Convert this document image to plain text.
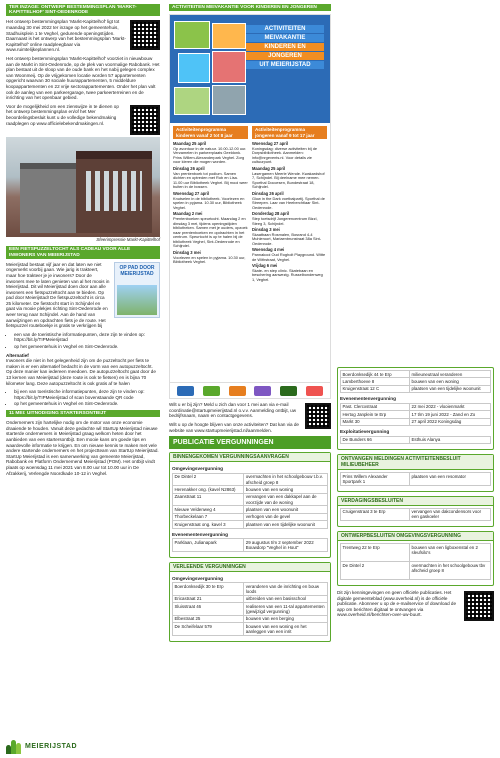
TER INZAGE: ONTWERP BESTEMMINGSPLAN 'MARKT-KAPITTELHOF' SINT-OEDENRODE

Het ontwerp bestemmingsplan 'Markt-Kapittelhof' ligt tot maandag 30 mei 2022 ter inzage op het gemeentehuis, Stadhuisplein 1 te Veghel, gedurende openingstijden. Daarnaast is het ontwerp van het bestemmingsplan 'Markt-Kapittelhof' online raadpleegbaar via www.ruimtelijkeplannen.nl.

Het ontwerp bestemmingsplan 'Markt-Kapittelhof' voorziet in nieuwbouw aan de Markt in Sint-Oedenrode, op de plek van voormalige Rabobank. Het plan bestaat uit de sloop van de oude bank en het nabij gelegen complex van Woonmeij. Op de vrijgekomen locatie worden 57 appartementen opgericht waarvan 30 sociale huurappartementen, 5 middeldure koopappartementen en 22 vrije sectorappartementen. Onder het plan valt ook de aanleg van een parkeergarage, twee parkeerterreinen en de inrichting van het openbaar gebied.

Voor de mogelijkheid om een zienswijze in te dienen op het ontwerp bestemmingsplan en/of het Mer beoordelingsbesluit kunt u de volledige bekendmaking raadplegen op www.officielebekendmakingen.nl.

Sfeerimpressie Markt-Kapittelhof
EEN FIETSPUZZELTOCHT ALS CADEAU VOOR ALLE INWONERS VAN MEIERIJSTAD
OP PAD DOOR MEIERIJSTAD

Meierijstad bestaat vijf jaar en dat laten we niet ongemerkt voorbij gaan. Wie jarig is trakteert, maar hoe trakteer je je inwoners? Door de inwoners mee te laten genieten van al het moois in Meierijstad. Dit wil Meierijstad doen door aan alle inwoners een fietspuzzeltocht aan te bieden. Op pad door Meierijstad! De fietspuzzeltocht is circa 25 kilometer. De fietstocht start in Schijndel en gaat via mooie plekjes richting Sint-Oedenrode en weer terug naar Schijndel. Aan de hand van aanwijzingen en opdrachten fiets je de route. Het fietspuzzel routeboekje is gratis te verkrijgen bij

• een van de toeristische informatiepunten, deze zijn te vinden op: https://bit.ly/TIPMeierijstad
• op het gemeentehuis in Veghel en Sint-Oedenrode.
Alternatief

Inwoners die niet in het gelegenheid zijn om de puzzeltocht per fiets te maken is er een alternatief bedacht in de vorm van een autopuzzeltocht. Op deze manier kan iedereen meedoen. De autopuzzeltocht gaat door de 13 kernen van Meierijstad (deze route is ook te fietsen) en is bijna 70 kilometer lang. Deze autopuzzeltocht is ook gratis af te halen

• bij een van toeristische informatiepunten, deze zijn te vinden op: https://bit.ly/TIPMeierijstad of scan bovenstaande QR code
• op het gemeentehuis in Veghel en Sint-Oedenrode.
11 MEI: UITNODIGING STARTERSONTBIJT

Ondernemers zijn hartelijke nodig om de motor van onze economie draaiende te houden. Vanuit deze gedachte wil StartUp Meierijstad nieuwe starterde ondernemers in Meierijstad graag welkom heten door het aanbieden van een startersontbijt. Een mooie kans om goede tips en waardevolle informatie te krijgen. En om nieuwe kennis te maken met vele andere startende ondernemers en het projectteam van StartUp Meierijstad. StartUp Meierijstad is een samenwerking van gemeente Meierijstad, Rabobank en Platform Ondernemend Meierijstad (POM). Het ontbijt vindt plaats op woensdag 11 mei 2021 van 8.00 uur tot 10.00 uur in De Afzakkerij, Verlengde Noordkade 10-12 in Veghel.

MEIERIJSTAD
ACTIVITEITEN MEIVAKANTIE VOOR KINDEREN EN JONGEREN
ACTIVITEITEN
MEIVAKANTIE
KINDEREN EN
JONGEREN
UIT MEIERIJSTAD
Activiteitenprogramma kinderen vanaf 2 tot 8 jaar
Activiteitenprogramma jongeren vanaf 9 tot 17 jaar
Maandag 25 april
Op avontuur in de natuur. 10.00-12.00 uur. Verzamelen in parkeerplaats Geeldonk. Prins Willem-Alexanderpark Veghel. Zorg voor kleren die mogen worden.
Dinsdag 26 april
Van prentenboek tot podium. Samen dichten en optreden met Rob en Lisa. 11.00 uur Bibliotheek Veghel. Bij mooi weer buiten in de bossen.
Woensdag 27 april
Knutselen in de bibliotheek. Voorlezen en spelen in pyjama. 10.30 uur, Bibliotheek Veghel.
Maandag 2 mei
Prentenboeken speurtocht. Maandag 2 en dinsdag 3 mei, tijdens openingstijden bibliotheken. Samen met je ouders, opzoek naar prentenboeken en opdrachten in het centrum. Speurtocht is op te halen bij de bibliotheek Veghel, Sint-Oedenrode en Schijndel.
Dinsdag 3 mei
Voorlezen en spelen in pyjama. 10.30 uur, Bibliotheek Veghel.
Woensdag 27 april
Koningsdag: diverse activiteiten bij de Dorpsbibliotheek. Aanmelden: info@nrgevents.nl. Voor details zie cultuurpunt.
Maandag 25 april
Lasergamen Meerle Wende. Kwakardshof 7, Schijndel. Bij deelname mee nemen. Sporthal Doccesen, Bundestraat 18, Schijndel.
Dinsdag 26 april
Glow in the Dark voetbalpartij. Sporthal de Streepen. Laar van Heeberchtlaar Sint-Oedenrode.
Donderdag 28 april
Step toetsdrijf Jongerencentrum Bizzl, Steeg 3, Schijndel.
Dinsdag 3 mei
Skaatbaan Rosmalen, Bosrand 4-4 Muhleroort, Mariaenbrunstraat 38a Sint-Oedenrode.
Woensdag 4 mei
Pannakooi Oud Rogholt Playground. Witte de Withstraat, Veghel.
Vrijdag 6 mei
Skate- en step clinic. Skatebaan en beschering aanwezig. Russelbondenweg 1, Veghel.

Wilt u er bij zijn? Meld u zich dan voor 1 mei aan via e-mail coordinatie@startupmeierijstad.nl o.v.v. Aanmelding ontbijt, uw bedrijfsnaam, naam en contactgegevens.

Wilt u op de hoogte blijven van onze activiteiten? Dat kan via de website van www.startupmeierijstad.nl/aanmelden.

PUBLICATIE VERGUNNINGEN
BINNENGEKOMEN VERGUNNINGSAANVRAGEN
Omgevingsvergunning
De Dintel 2	overmachten in het schoolgebouw t.b.v. afscheid groep 8
Herenakker ong. (kavel N2863)	bouwen van een woning
Zaanstraat 11	vervangen van een dakkapel aan de voorzijde van de woning
Nieuwe Veldenweg 4	plaatsen van een woonunit
Thorbeckelaan 7	verhogen van de gevel
Kruigenstraat ong. kavel 3	plaatsen van een tijdelijke woonunit
Evenementenvergunning
Parklaan, Julianapark	29 augustus t/m 2 september 2022 Bouwdorp "Veghel in Hout"
VERLEENDE VERGUNNINGEN
Omgevingsvergunning
Boerdonksedijk 30 te Erp	veranderen van de inrichting en bouw loods
Ericastraat 21	uitbreiden van een basisschool
Sluisstraat 46	realiseren van een 11-tal appartementen (gewijzigd vergunning)
Elbestraat 25	bouwen van een berging
De Scheifelaar 579	bouwen van een woning en het aanleggen van een inrit
Boerdonksedijk 44 te Erp	milieuneutraal veranderen
Lamberthoeve 8	bouwen van een woning
Kruigenstraat 12 C	plaatsen van een tijdelijke woonunit
Evenementenvergunning
Past. Clercxstraat	22 mei 2022 - vlooienmarkt
Hertog Janplein te Erp	17 t/m 19 juni 2022 - Zand en Zo
Markt 30	27 april 2022 Koningsdag
Exploitatievergunning
De Bunders 66	Esthuis Alanya
ONTVANGEN MELDINGEN ACTIVITEITENBESLUIT MILIEUBEHEER
Prins Willem Alexander Sportpark 1	plaatsen van een resomator
VERDAGINGSBESLUITEN
Cruigenstraat 3 te Erp	vervangen van dakcondensors voor een gaskoeler
ONTWERPBESLUITEN OMGEVINGSVERGUNNING
Trentweg 22 te Erp	bouwen van een ligboxenstal en 2 sleufsilo's
De Dintel 2	overmachten in het schoolgebouw tbv afscheid groep 8

Dit zijn kennisgevingen en geen officiële publicaties. Het digitale gemeenteblad (www.overheid.nl) is de officiële publicatie. Abonneer u op de e-mailservice of download de app om berichten digitaal te ontvangen via www.overheid.nl/berichten-over-uw-buurt.
